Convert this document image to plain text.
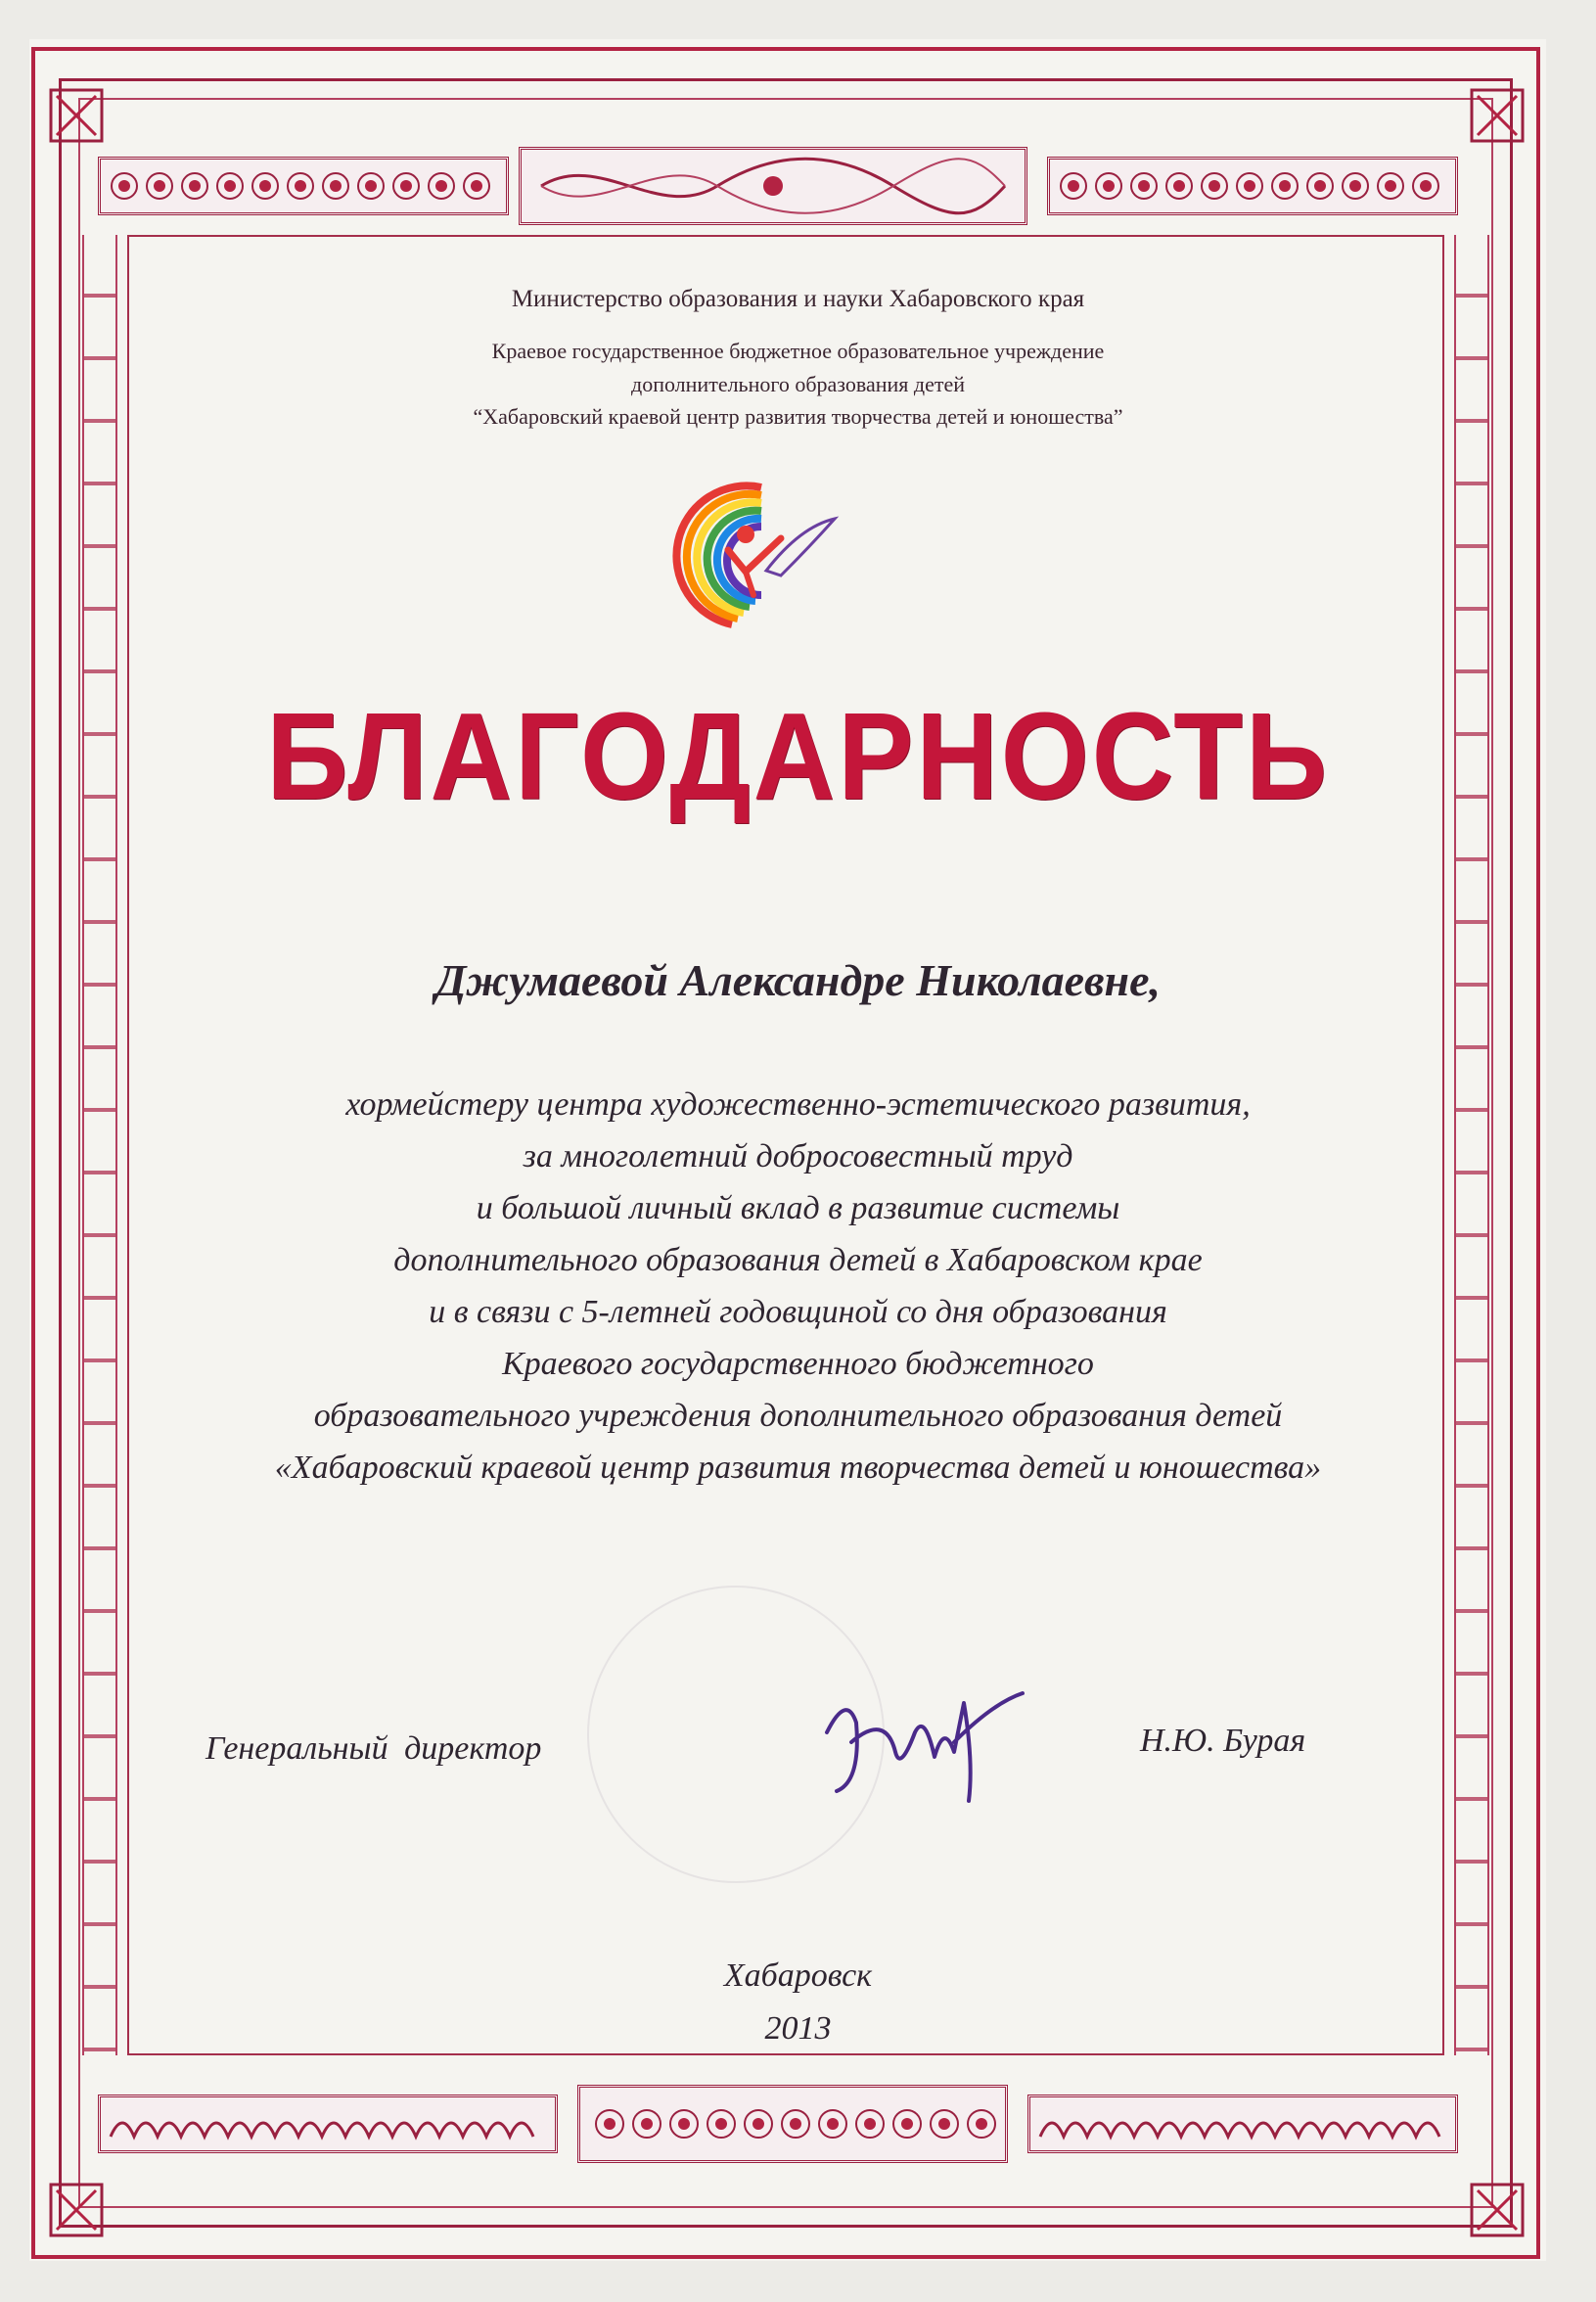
Министерство образования и науки Хабаровского края
Краевое государственное бюджетное образовательное учреждение
дополнительного образования детей
“Хабаровский краевой центр развития творчества детей и юношества”
БЛАГОДАРНОСТЬ
Джумаевой Александре Николаевне,
хормейстеру центра художественно-эстетического развития,
за многолетний добросовестный труд
и большой личный вклад в развитие системы
дополнительного образования детей в Хабаровском крае
и в связи с 5-летней годовщиной со дня образования
Краевого государственного бюджетного
образовательного учреждения дополнительного образования детей
«Хабаровский краевой центр развития творчества детей и юношества»
Генеральный директор	Н.Ю. Бурая
Хабаровск
2013
